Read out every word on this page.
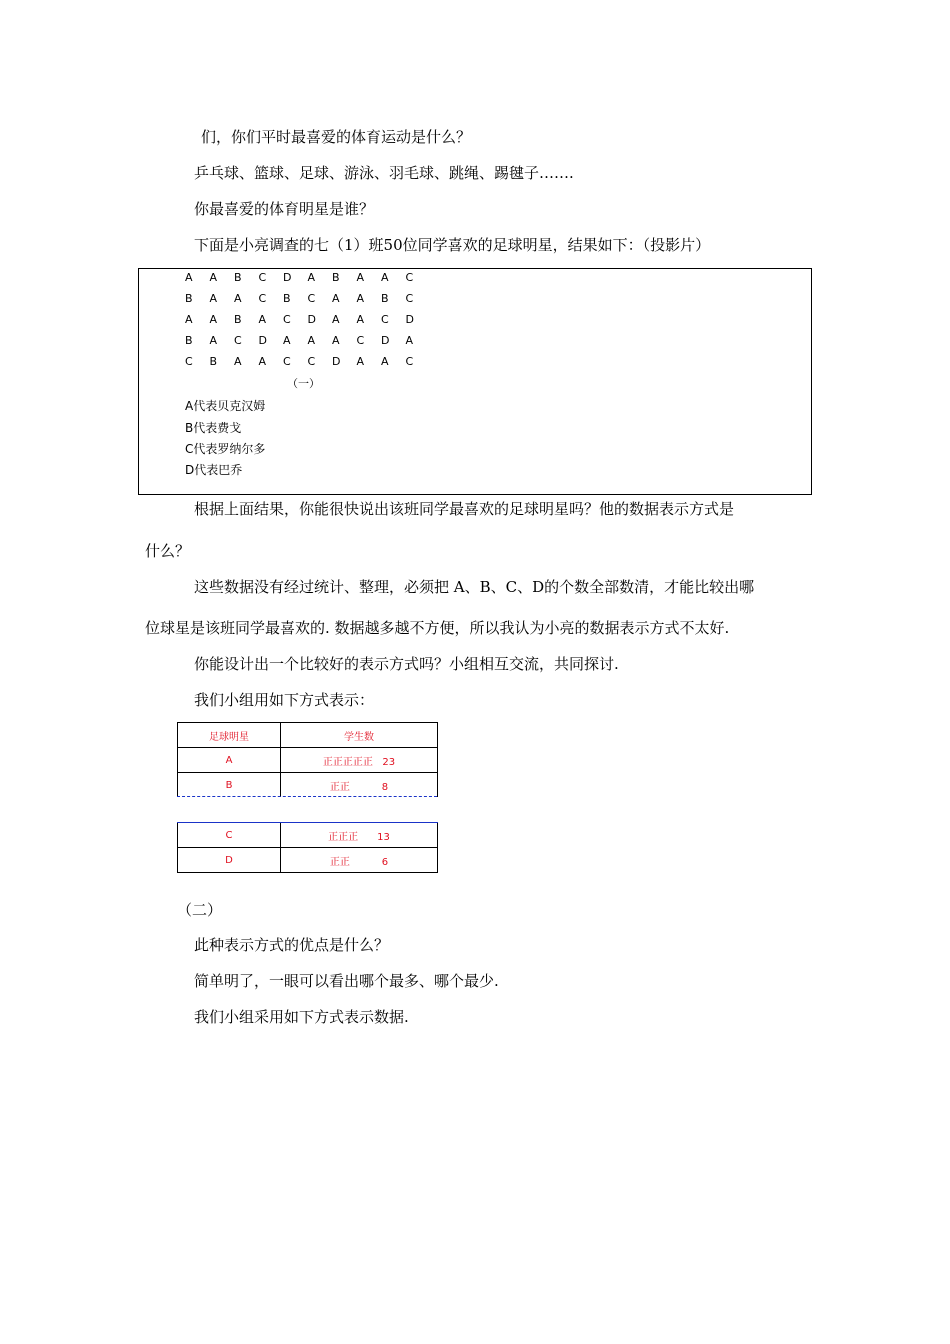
们，你们平时最喜爱的体育运动是什么？
乒乓球、篮球、足球、游泳、羽毛球、跳绳、踢毽子…….
你最喜爱的体育明星是谁？
下面是小亮调查的七（1）班50位同学喜欢的足球明星，结果如下：（投影片）
A A B C D A B A A C
B A A C B C A A B C
A A B A C D A A C D
B A C D A A A C D A
C B A A C C D A A C
（一）
A代表贝克汉姆
B代表费戈
C代表罗纳尔多
D代表巴乔
根据上面结果，你能很快说出该班同学最喜欢的足球明星吗？他的数据表示方式是
什么？
这些数据没有经过统计、整理，必须把 A、B、C、D的个数全部数清，才能比较出哪
位球星是该班同学最喜欢的. 数据越多越不方便，所以我认为小亮的数据表示方式不太好.
你能设计出一个比较好的表示方式吗？小组相互交流，共同探讨.
我们小组用如下方式表示：
足球明星	学生数
A	正正正正正 23
B	正正 8
C	正正正 13
D	正正 6
（二）
此种表示方式的优点是什么？
简单明了，一眼可以看出哪个最多、哪个最少.
我们小组采用如下方式表示数据.
